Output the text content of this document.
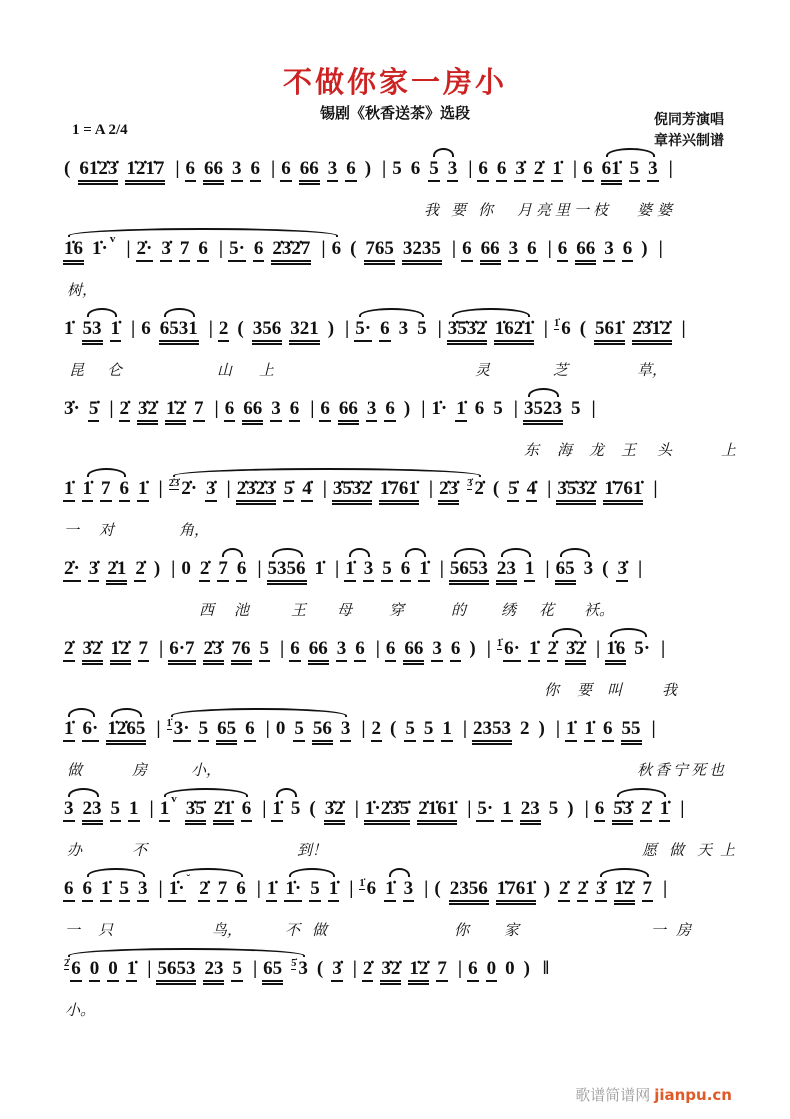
不做你家一房小
锡剧《秋香送茶》选段	倪同芳演唱
章祥兴制谱
1 = A 2/4
( 61̇2̇3̇ 1̇2̇1̇7 | 6 66 3 6 | 6 66 3 6 ) | 5 6 5 3 | 6 6 3̇ 2̇ 1̇ | 6 61̇ 5 3 |
我要你 月亮里一枝 婆婆
1̇6 1̇· $^v$ | 2̇· 3̇ 7 6 | 5· 6 2̇3̇2̇7 | 6 ( 765 3235 | 6 66 3 6 | 6 66 3 6 ) |
树，
1̇ 53 1̇ | 6 6531 | 2 ( 356 321 ) | 5· 6 3 5 | 3̇5̇3̇2̇ 1̇62̇1̇ | $^{1̇}$ 6 ( 561̇ 2̇3̇1̇2̇ |
昆 仑	山 上	灵	芝	草，
3̇· 5̇ | 2̇ 3̇2̇ 1̇2̇ 7 | 6 66 3 6 | 6 66 3 6 ) | 1̇· 1̇ 6 5 | 3523 5 |
东 海 龙 王 头	上
1̇ 1̇ 7 6 1̇ | $^{2̇3̇}$ 2̇· 3̇ | 2̇3̇2̇3̇ 5̇ 4̇ | 3̇5̇3̇2̇ 1̇761̇ | 2̇3̇ $^{3̇}$ 2̇ ( 5̇ 4̇ | 3̇5̇3̇2̇ 1̇761̇ |
一 对	角，
2̇· 3̇ 2̇1 2̇ ) | 0 2̇ 7 6 | 5356 1̇ | 1̇ 3 5 6 1̇ | 5653 23 1 | 65 3 ( 3̇ |
西 池	王 母 穿	的 绣 花 袄。
2̇ 3̇2̇ 1̇2̇ 7 | 6·7 2̇3̇ 76 5 | 6 66 3 6 | 6 66 3 6 ) | $^{1̇}$ 6· 1̇ 2̇ 3̇2̇ | 1̇6 5· |
你 要 叫	我
1̇ 6· 1̇2̇65 | $^{1̇}$ 3· 5 65 6 | 0 5 56 3 | 2 ( 5 5 1 | 2353 2 ) | 1̇ 1̇ 6 55 |
做	房	小，	秋香宁死也
3 23 5 1 | 1 $^v$ 3̇5̇ 2̇1̇ 6 | 1̇ 5 ( 3̇2̇ | 1̇·2̇3̇5̇ 2̇1̇61̇ | 5· 1 23 5 ) | 6 5̇3̇ 2̇ 1̇ |
办	不	到！	愿做 天上
6 6 1̇ 5 3 | 1̇· ˘ 2̇ 7 6 | 1̇ 1̇· 5 1̇ | $^{1̇}$ 6 1̇ 3 | ( 2356 1̇761̇ ) 2̇ 2̇ 3̇ 1̇2̇ 7 |
一只	鸟，	不做	你 家	一房
$^{2̇}$ 6 0 0 1̇ | 5653 23 5 | 65 $^{5̇}$ 3 ( 3̇ | 2̇ 3̇2̇ 1̇2̇ 7 | 6 0 0 ) ‖
小。
歌谱简谱网 jianpu.cn
